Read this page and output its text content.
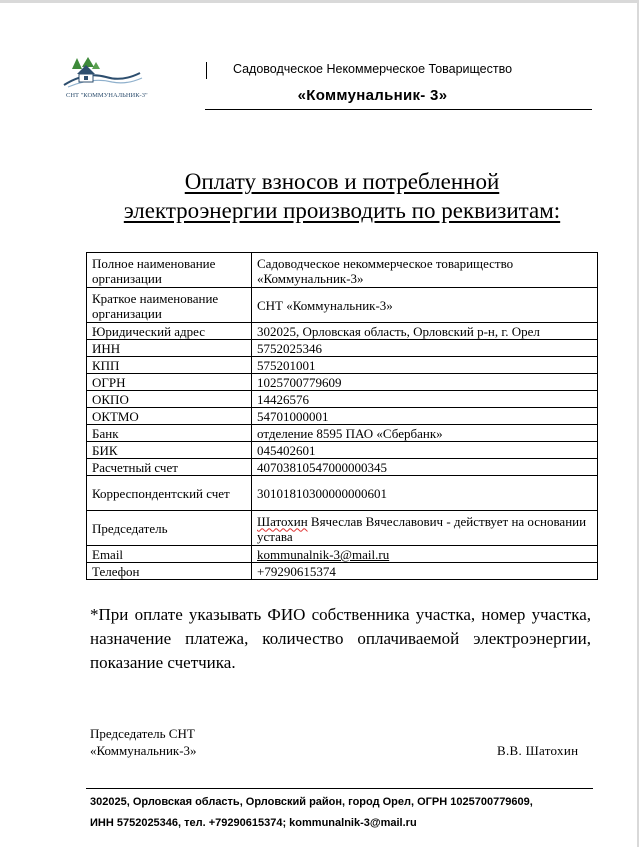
СНТ "КОММУНАЛЬНИК-3"
Садоводческое Некоммерческое Товарищество
«Коммунальник- 3»
Оплату взносов и потребленной
электроэнергии производить по реквизитам:
Полное наименование организации	Садоводческое некоммерческое товарищество «Коммунальник-3»
Краткое наименование организации	СНТ «Коммунальник-3»
Юридический адрес	302025, Орловская область, Орловский р-н, г. Орел
ИНН	5752025346
КПП	575201001
ОГРН	1025700779609
ОКПО	14426576
ОКТМО	54701000001
Банк	отделение 8595 ПАО «Сбербанк»
БИК	045402601
Расчетный счет	40703810547000000345
Корреспондентский счет	30101810300000000601
Председатель	Шатохин Вячеслав Вячеславович - действует на основании устава
Email	kommunalnik-3@mail.ru
Телефон	+79290615374
*При оплате указывать ФИО собственника участка, номер участка, назначение платежа, количество оплачиваемой электроэнергии, показание счетчика.
Председатель СНТ
«Коммунальник-3»	В.В. Шатохин
302025, Орловская область, Орловский район, город Орел, ОГРН 1025700779609,
ИНН 5752025346, тел. +79290615374; kommunalnik-3@mail.ru
